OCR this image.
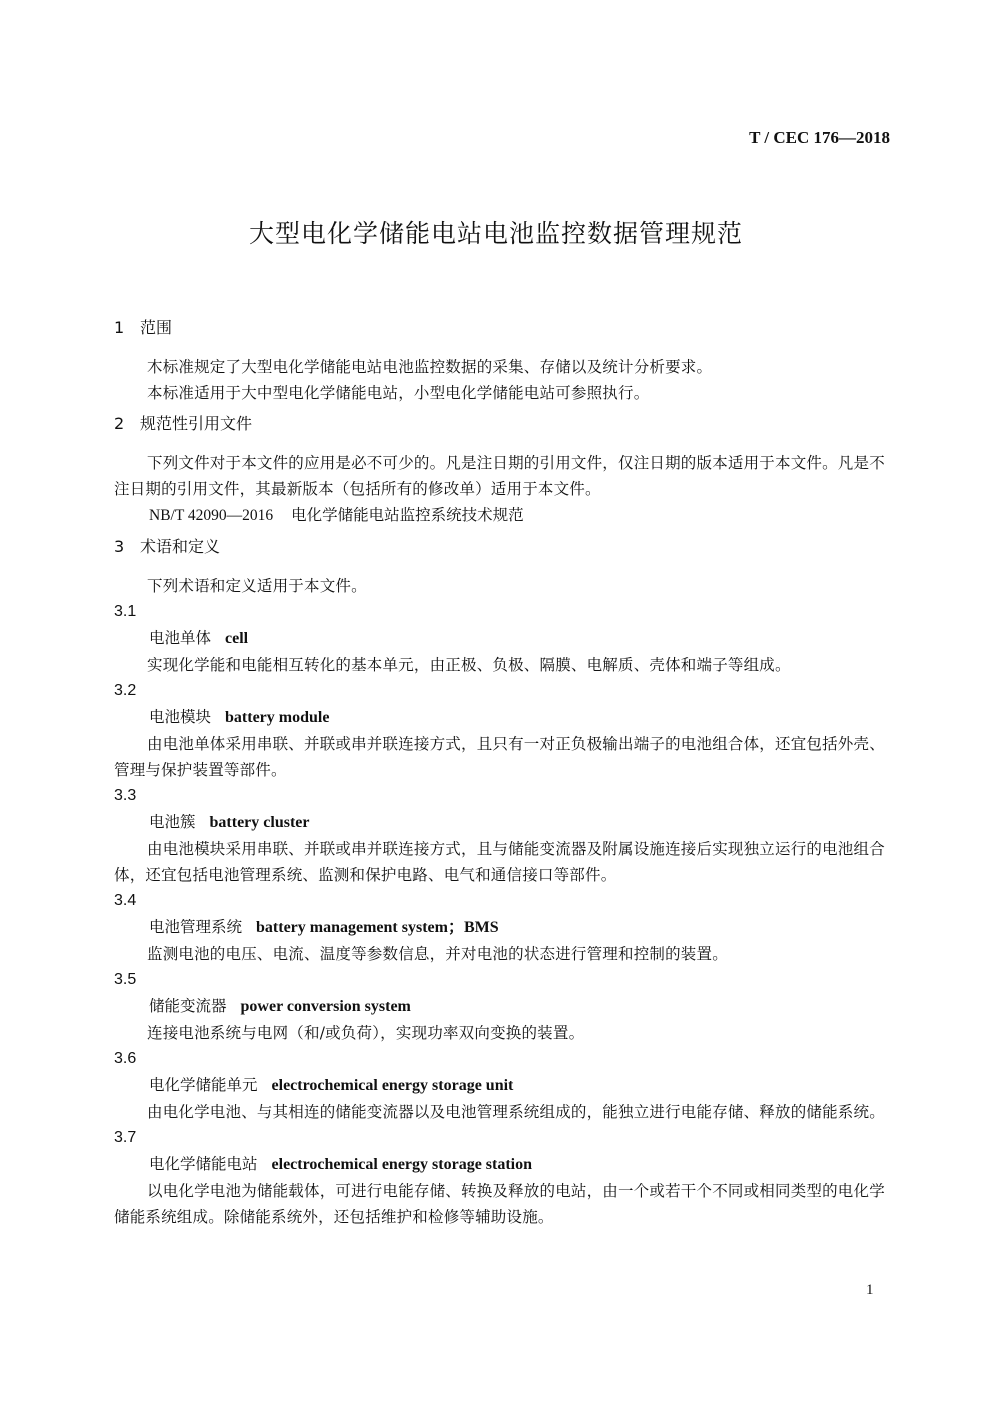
T / CEC 176—2018
大型电化学储能电站电池监控数据管理规范
1 范围

木标准规定了大型电化学储能电站电池监控数据的采集、存储以及统计分析要求。

本标准适用于大中型电化学储能电站，小型电化学储能电站可参照执行。

2 规范性引用文件

下列文件对于本文件的应用是必不可少的。凡是注日期的引用文件，仅注日期的版本适用于本文件。凡是不注日期的引用文件，其最新版本（包括所有的修改单）适用于本文件。

NB/T 42090—2016 电化学储能电站监控系统技术规范
3 术语和定义

下列术语和定义适用于本文件。

3.1
电池单体 cell

实现化学能和电能相互转化的基本单元，由正极、负极、隔膜、电解质、壳体和端子等组成。

3.2
电池模块 battery module

由电池单体采用串联、并联或串并联连接方式，且只有一对正负极输出端子的电池组合体，还宜包括外壳、管理与保护装置等部件。

3.3
电池簇 battery cluster

由电池模块采用串联、并联或串并联连接方式，且与储能变流器及附属设施连接后实现独立运行的电池组合体，还宜包括电池管理系统、监测和保护电路、电气和通信接口等部件。

3.4
电池管理系统 battery management system；BMS

监测电池的电压、电流、温度等参数信息，并对电池的状态进行管理和控制的装置。

3.5
储能变流器 power conversion system

连接电池系统与电网（和/或负荷），实现功率双向变换的装置。

3.6
电化学储能单元 electrochemical energy storage unit

由电化学电池、与其相连的储能变流器以及电池管理系统组成的，能独立进行电能存储、释放的储能系统。

3.7
电化学储能电站 electrochemical energy storage station

以电化学电池为储能载体，可进行电能存储、转换及释放的电站，由一个或若干个不同或相同类型的电化学储能系统组成。除储能系统外，还包括维护和检修等辅助设施。

1
